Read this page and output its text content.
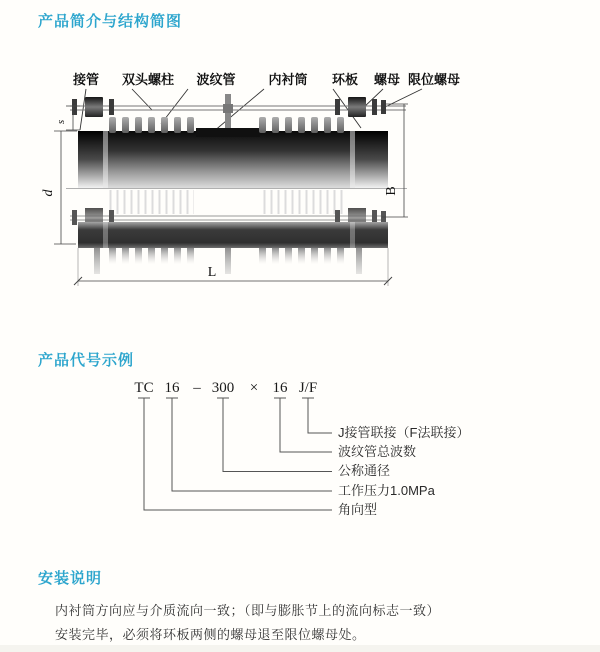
产品简介与结构简图
接管 双头螺柱 波纹管	内衬筒 环板 螺母 限位螺母
s
d	B
L
产品代号示例
TC 16 – 300 × 16 J/F
J接管联接（F法联接）
波纹管总波数
公称通径
工作压力1.0MPa
角向型
安装说明

内衬筒方向应与介质流向一致；（即与膨胀节上的流向标志一致）

安装完毕，必须将环板两侧的螺母退至限位螺母处。
